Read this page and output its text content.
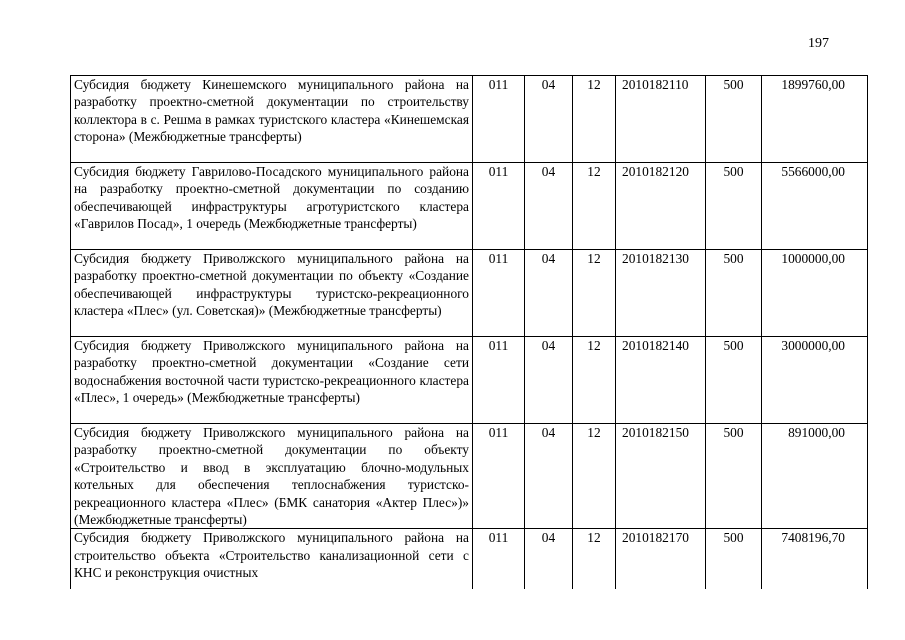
197
Субсидия бюджету Кинешемского муниципального района на разработку проектно-сметной документации по строительству коллектора в с. Решма в рамках туристского кластера «Кинешемская сторона» (Межбюджетные трансферты)	011	04	12	2010182110	500	1899760,00
Субсидия бюджету Гаврилово-Посадского муниципального района на разработку проектно-сметной документации по созданию обеспечивающей инфраструктуры агротуристского кластера «Гаврилов Посад», 1 очередь (Межбюджетные трансферты)	011	04	12	2010182120	500	5566000,00
Субсидия бюджету Приволжского муниципального района на разработку проектно-сметной документации по объекту «Создание обеспечивающей инфраструктуры туристско-рекреационного кластера «Плес» (ул. Советская)» (Межбюджетные трансферты)	011	04	12	2010182130	500	1000000,00
Субсидия бюджету Приволжского муниципального района на разработку проектно-сметной документации «Создание сети водоснабжения восточной части туристско-рекреационного кластера «Плес», 1 очередь» (Межбюджетные трансферты)	011	04	12	2010182140	500	3000000,00
Субсидия бюджету Приволжского муниципального района на разработку проектно-сметной документации по объекту «Строительство и ввод в эксплуатацию блочно-модульных котельных для обеспечения теплоснабжения туристско-рекреационного кластера «Плес» (БМК санатория «Актер Плес»)» (Межбюджетные трансферты)	011	04	12	2010182150	500	891000,00
Субсидия бюджету Приволжского муниципального района на строительство объекта «Строительство канализационной сети с КНС и реконструкция очистных	011	04	12	2010182170	500	7408196,70
